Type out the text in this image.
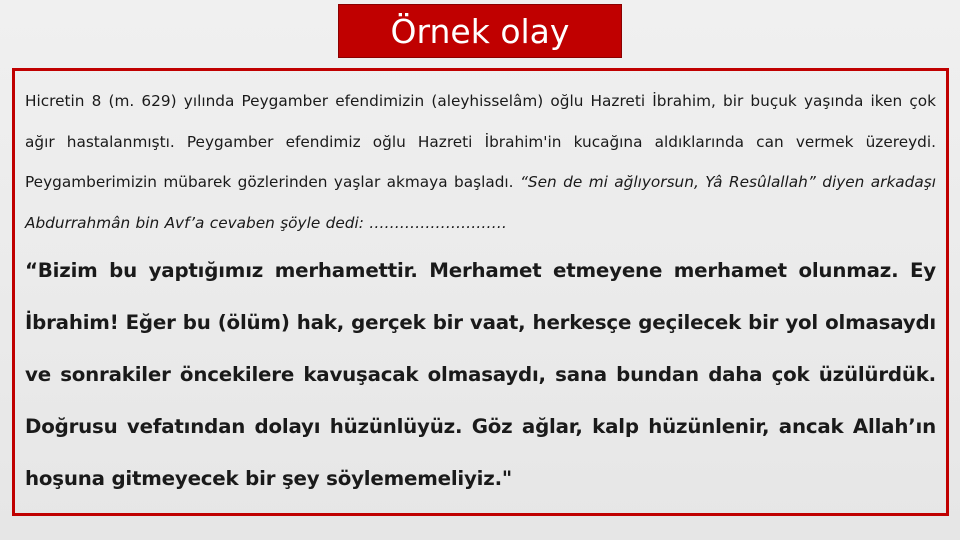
Örnek olay

Hicretin 8 (m. 629) yılında Peygamber efendimizin (aleyhisselâm) oğlu Hazreti İbrahim, bir buçuk yaşında iken çok ağır hastalanmıştı. Peygamber efendimiz oğlu Hazreti İbrahim'in kucağına aldıklarında can vermek üzereydi. Peygamberimizin mübarek gözlerinden yaşlar akmaya başladı. “Sen de mi ağlıyorsun, Yâ Resûlallah” diyen arkadaşı Abdurrahmân bin Avf’a cevaben şöyle dedi: ………………………

“Bizim bu yaptığımız merhamettir. Merhamet etmeyene merhamet olunmaz. Ey İbrahim! Eğer bu (ölüm) hak, gerçek bir vaat, herkesçe geçilecek bir yol olmasaydı ve sonrakiler öncekilere kavuşacak olmasaydı, sana bundan daha çok üzülürdük. Doğrusu vefatından dolayı hüzünlüyüz. Göz ağlar, kalp hüzünlenir, ancak Allah’ın hoşuna gitmeyecek bir şey söylememeliyiz."
